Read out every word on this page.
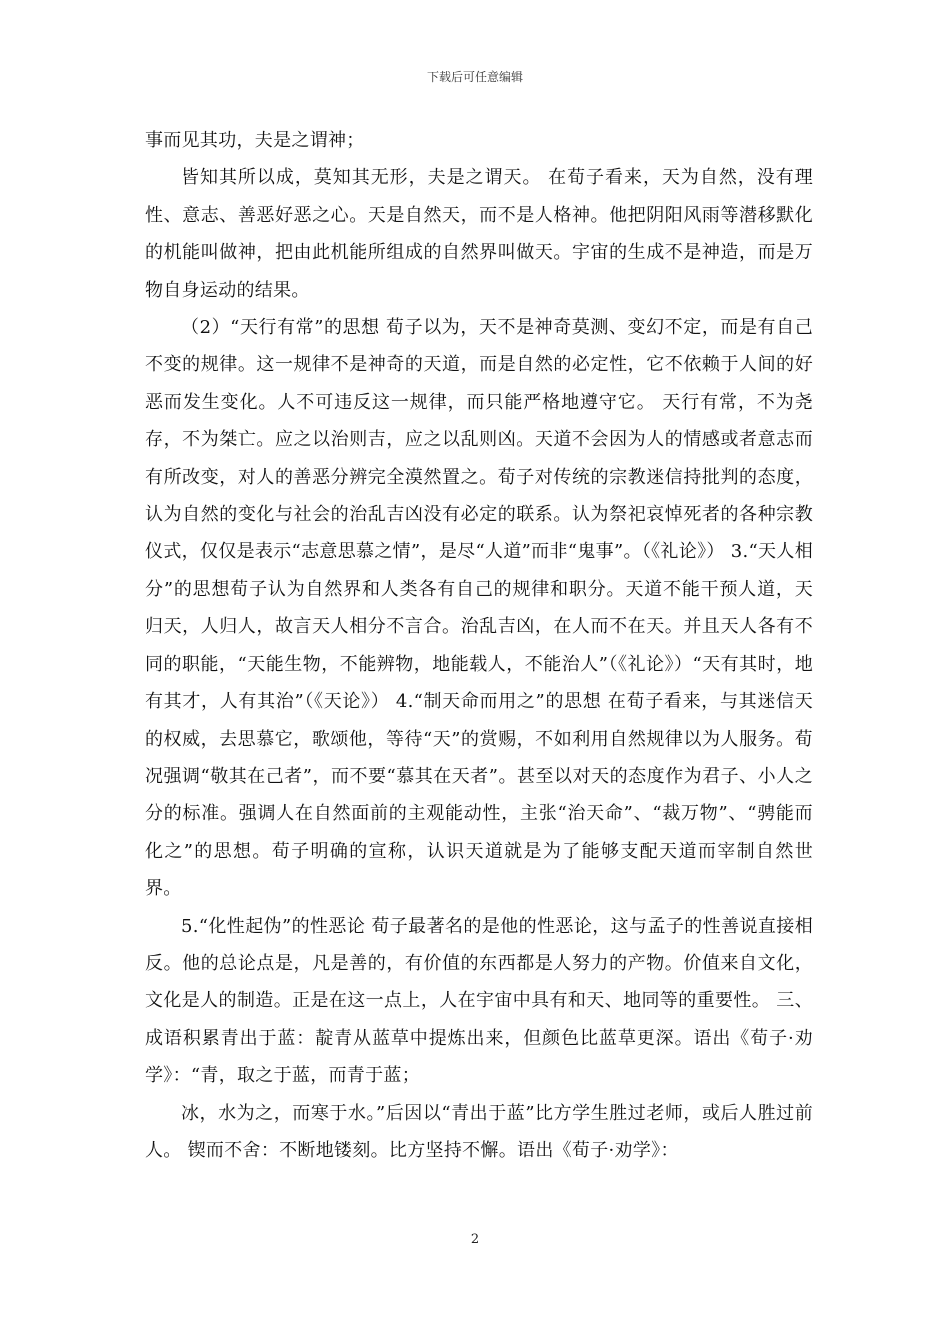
下载后可任意编辑

事而见其功，夫是之谓神；

皆知其所以成，莫知其无形，夫是之谓天。 在荀子看来，天为自然，没有理性、意志、善恶好恶之心。天是自然天，而不是人格神。他把阴阳风雨等潜移默化的机能叫做神，把由此机能所组成的自然界叫做天。宇宙的生成不是神造，而是万物自身运动的结果。

（2）“天行有常”的思想 荀子以为，天不是神奇莫测、变幻不定，而是有自己不变的规律。这一规律不是神奇的天道，而是自然的必定性，它不依赖于人间的好恶而发生变化。人不可违反这一规律，而只能严格地遵守它。 天行有常，不为尧存，不为桀亡。应之以治则吉，应之以乱则凶。天道不会因为人的情感或者意志而有所改变，对人的善恶分辨完全漠然置之。荀子对传统的宗教迷信持批判的态度，认为自然的变化与社会的治乱吉凶没有必定的联系。认为祭祀哀悼死者的各种宗教仪式，仅仅是表示“志意思慕之情”，是尽“人道”而非“鬼事”。（《礼论》） 3.“天人相分”的思想荀子认为自然界和人类各有自己的规律和职分。天道不能干预人道，天归天，人归人，故言天人相分不言合。治乱吉凶，在人而不在天。并且天人各有不同的职能，“天能生物，不能辨物，地能载人，不能治人”（《礼论》）“天有其时，地有其才，人有其治”（《天论》） 4.“制天命而用之”的思想 在荀子看来，与其迷信天的权威，去思慕它，歌颂他，等待“天”的赏赐，不如利用自然规律以为人服务。荀况强调“敬其在己者”，而不要“慕其在天者”。甚至以对天的态度作为君子、小人之分的标准。强调人在自然面前的主观能动性，主张“治天命”、“裁万物”、“骋能而化之”的思想。荀子明确的宣称，认识天道就是为了能够支配天道而宰制自然世界。

5.“化性起伪”的性恶论 荀子最著名的是他的性恶论，这与孟子的性善说直接相反。他的总论点是，凡是善的，有价值的东西都是人努力的产物。价值来自文化，文化是人的制造。正是在这一点上，人在宇宙中具有和天、地同等的重要性。 三、成语积累青出于蓝：靛青从蓝草中提炼出来，但颜色比蓝草更深。语出《荀子·劝学》：“青，取之于蓝，而青于蓝；

冰，水为之，而寒于水。”后因以“青出于蓝”比方学生胜过老师，或后人胜过前人。 锲而不舍：不断地镂刻。比方坚持不懈。语出《荀子·劝学》：

2
